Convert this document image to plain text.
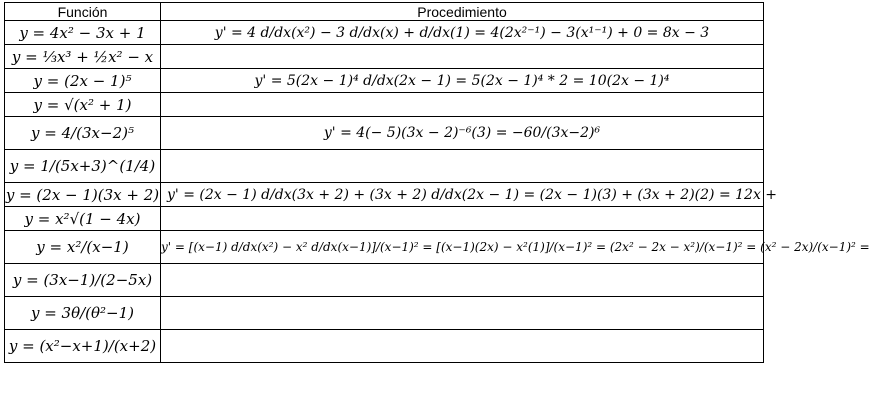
Función	Procedimiento
y = 4x² − 3x + 1	y' = 4 d/dx(x²) − 3 d/dx(x) + d/dx(1) = 4(2x²⁻¹) − 3(x¹⁻¹) + 0 = 8x − 3
y = ⅓x³ + ½x² − x	
y = (2x − 1)⁵	y' = 5(2x − 1)⁴ d/dx(2x − 1) = 5(2x − 1)⁴ * 2 = 10(2x − 1)⁴
y = √(x² + 1)	
y = 4/(3x−2)⁵	y' = 4(− 5)(3x − 2)⁻⁶(3) = −60/(3x−2)⁶
y = 1/(5x+3)^(1/4)	
y = (2x − 1)(3x + 2)	y' = (2x − 1) d/dx(3x + 2) + (3x + 2) d/dx(2x − 1) = (2x − 1)(3) + (3x + 2)(2) = 12x +
y = x²√(1 − 4x)	
y = x²/(x−1)	y' = [(x−1) d/dx(x²) − x² d/dx(x−1)]/(x−1)² = [(x−1)(2x) − x²(1)]/(x−1)² = (2x² − 2x − x²)/(x−1)² = (x² − 2x)/(x−1)² =
y = (3x−1)/(2−5x)	
y = 3θ/(θ²−1)	
y = (x²−x+1)/(x+2)	
